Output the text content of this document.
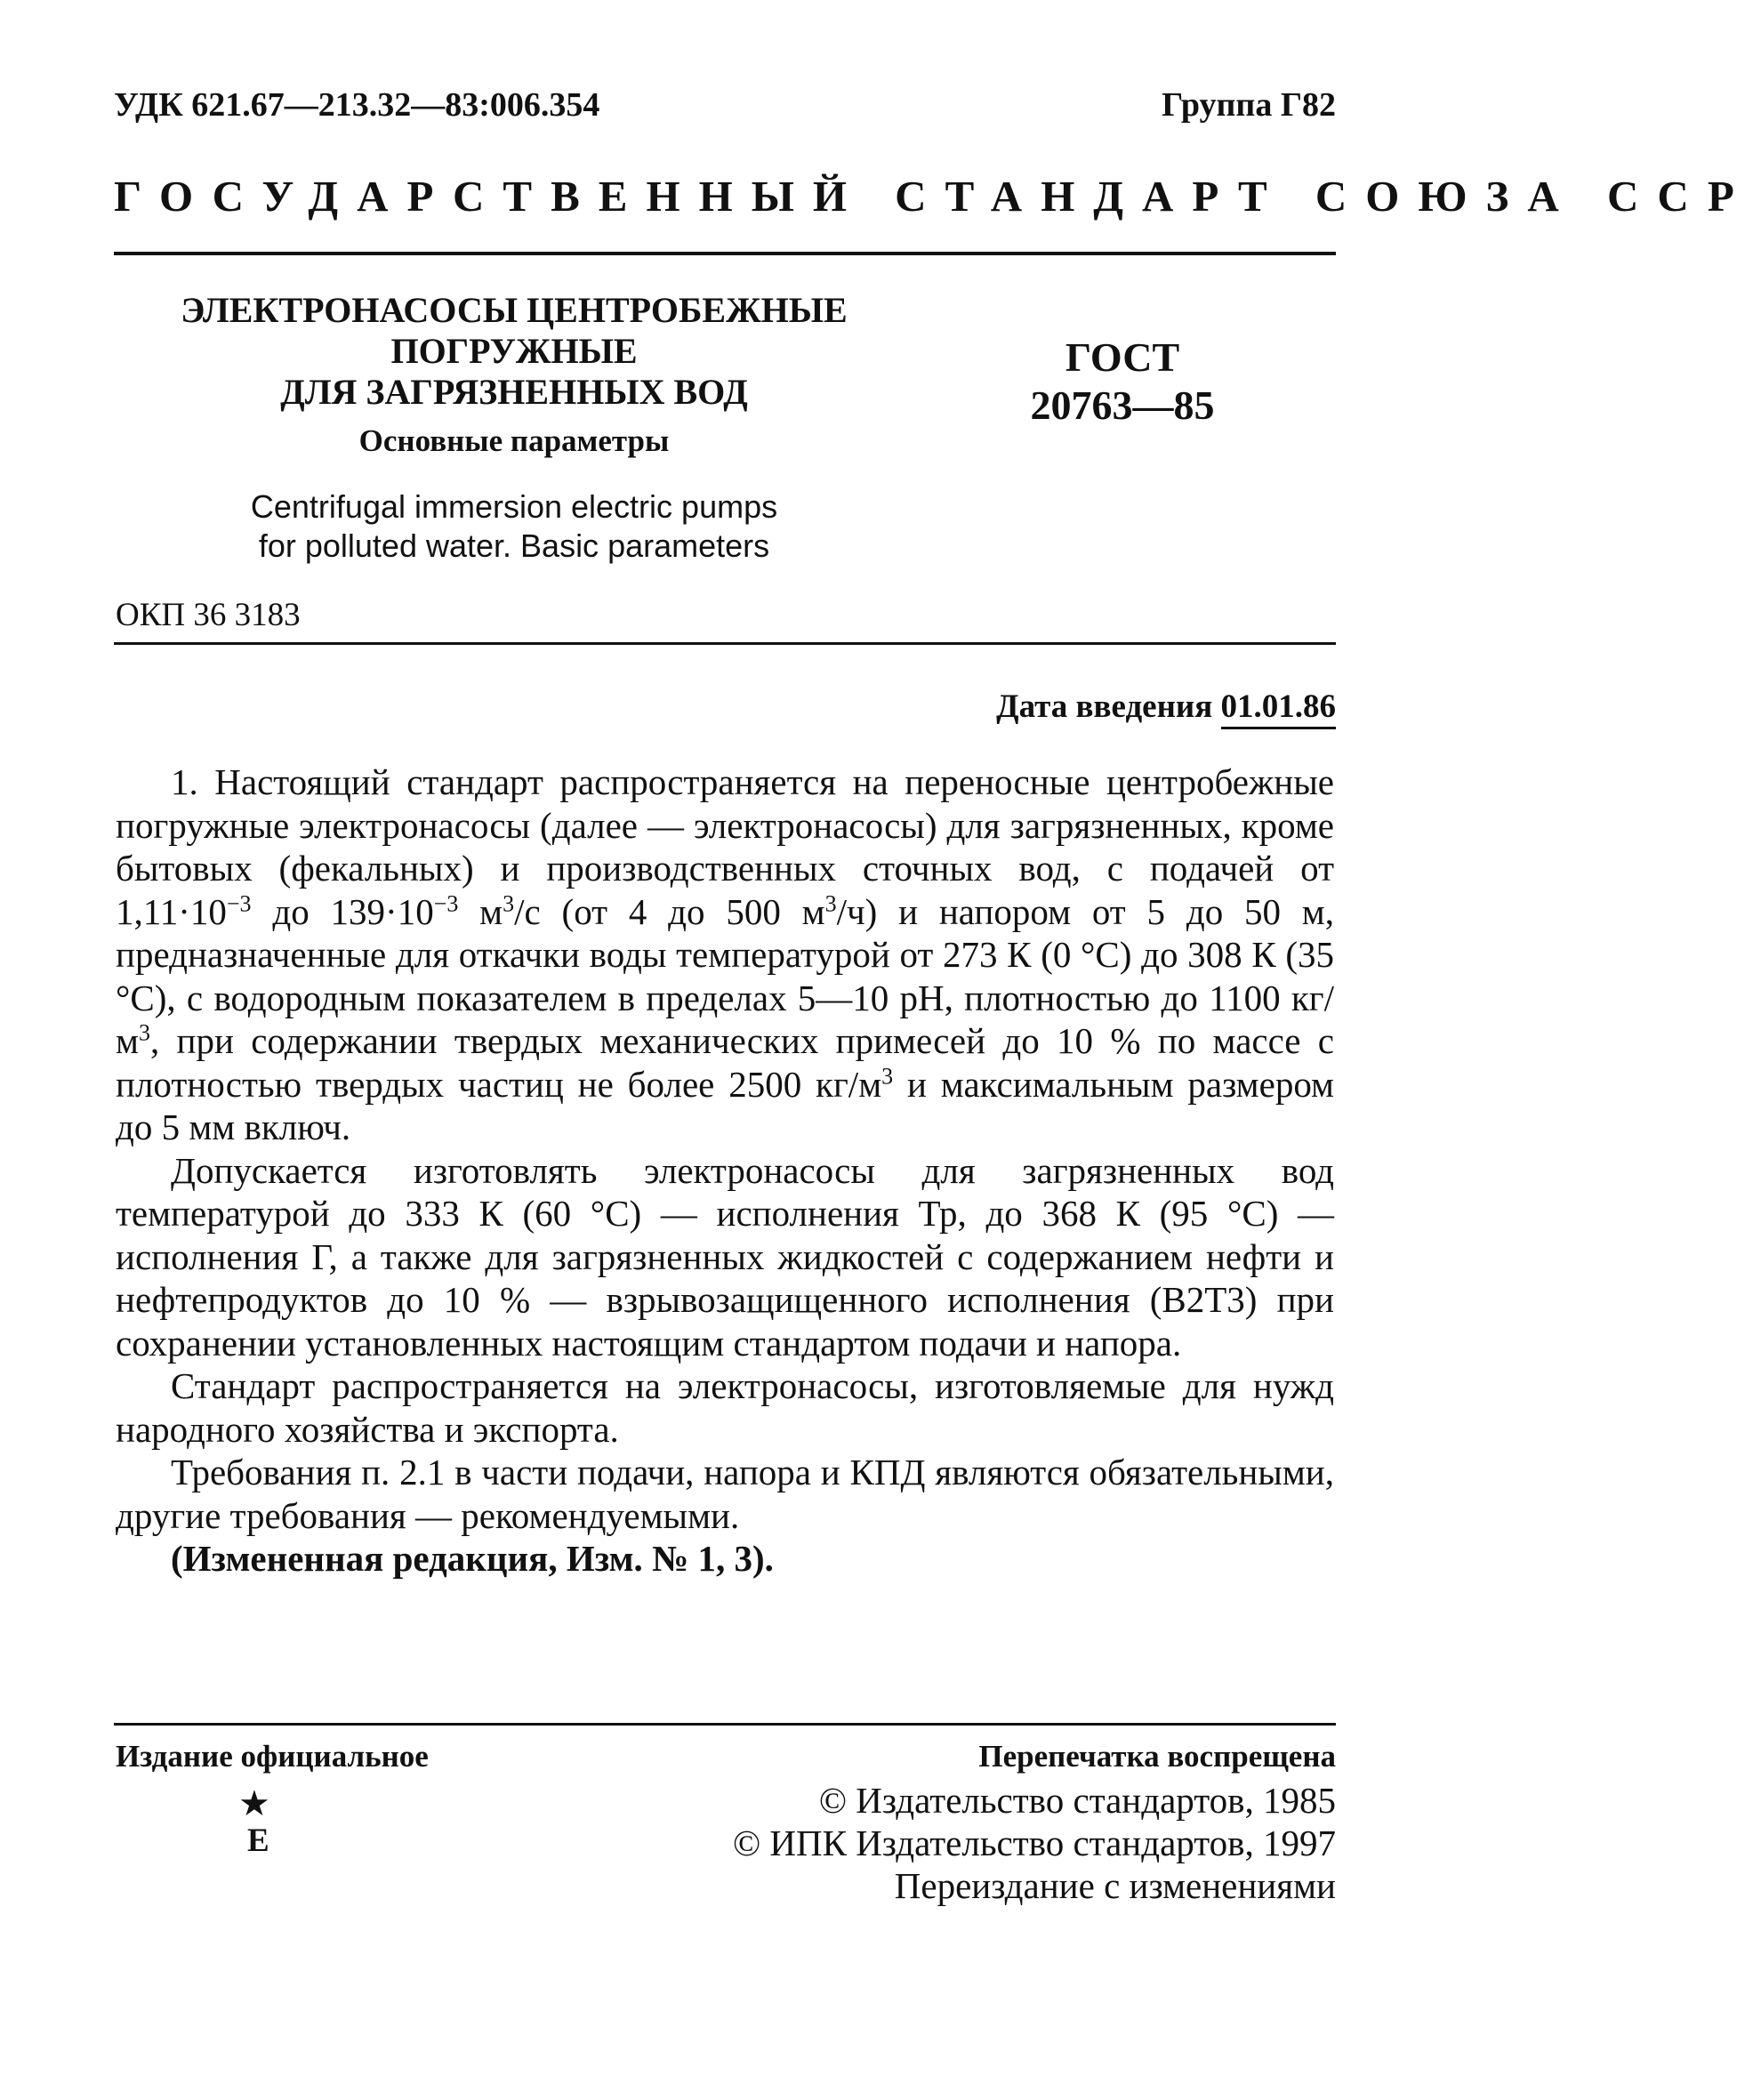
УДК 621.67—213.32—83:006.354	Группа Г82
ГОСУДАРСТВЕННЫЙ СТАНДАРТ СОЮЗА ССР
ЭЛЕКТРОНАСОСЫ ЦЕНТРОБЕЖНЫЕ
ПОГРУЖНЫЕ
ДЛЯ ЗАГРЯЗНЕННЫХ ВОД
ГОСТ
20763—85
Основные параметры
Centrifugal immersion electric pumps
for polluted water. Basic parameters
ОКП 36 3183
Дата введения 01.01.86

1. Настоящий стандарт распространяется на переносные центробежные погружные электронасосы (далее — электронасосы) для загрязненных, кроме бытовых (фекальных) и производственных сточных вод, с подачей от $1,11\cdot 10^{-3}$ до $139\cdot 10^{-3}$ $м^3/с$ (от 4 до 500 $м^3/ч$) и напором от 5 до 50 м, предназначенные для откачки воды температурой от 273 К (0 °С) до 308 К (35 °С), с водородным показателем в пределах 5—10 pH, плотностью до 1100 $кг/м^3$, при содержании твердых механических примесей до 10 % по массе с плотностью твердых частиц не более 2500 $кг/м^3$ и максимальным размером до 5 мм включ.

Допускается изготовлять электронасосы для загрязненных вод температурой до 333 К (60 °С) — исполнения Тр, до 368 К (95 °С) — исполнения Г, а также для загрязненных жидкостей с содержанием нефти и нефтепродуктов до 10 % — взрывозащищенного исполнения (В2Т3) при сохранении установленных настоящим стандартом подачи и напора.

Стандарт распространяется на электронасосы, изготовляемые для нужд народного хозяйства и экспорта.

Требования п. 2.1 в части подачи, напора и КПД являются обязательными, другие требования — рекомендуемыми.

(Измененная редакция, Изм. № 1, 3).

Издание официальное
★
Е
Перепечатка воспрещена
© Издательство стандартов, 1985
© ИПК Издательство стандартов, 1997
Переиздание с изменениями
